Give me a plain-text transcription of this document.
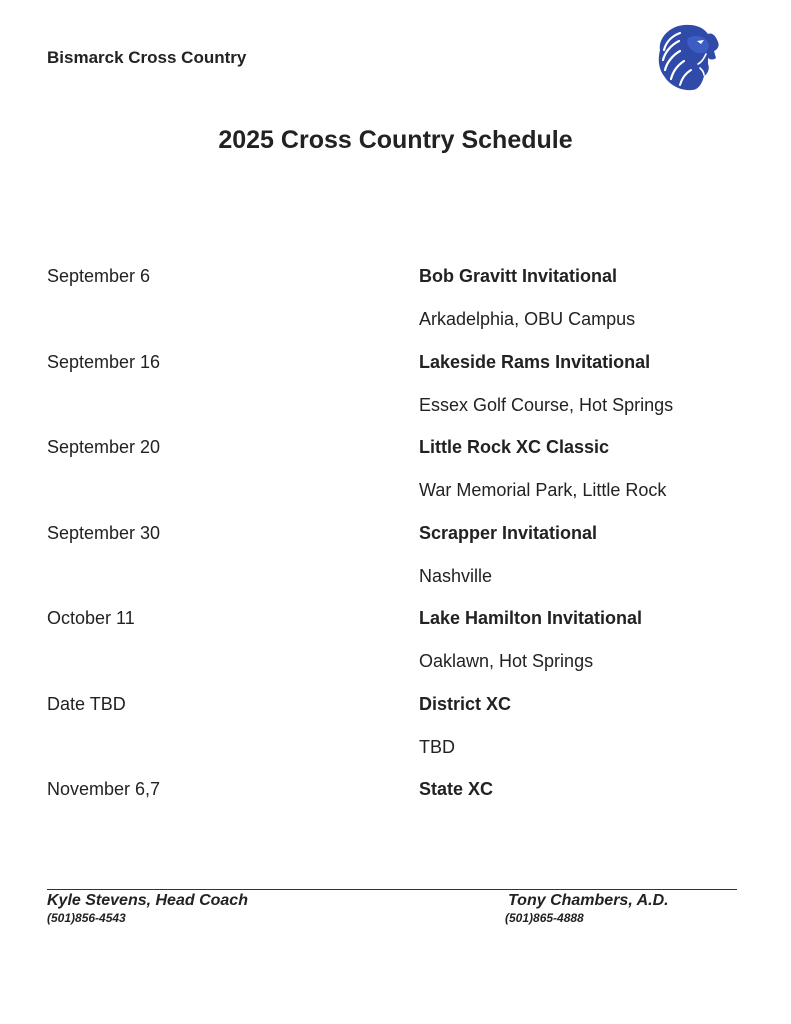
Bismarck Cross Country
2025 Cross Country Schedule
September 6	Bob Gravitt Invitational
Arkadelphia, OBU Campus
September 16	Lakeside Rams Invitational
Essex Golf Course, Hot Springs
September 20	Little Rock XC Classic
War Memorial Park, Little Rock
September 30	Scrapper Invitational
Nashville
October 11	Lake Hamilton Invitational
Oaklawn, Hot Springs
Date TBD	District XC
TBD
November 6,7	State XC
Kyle Stevens, Head Coach
(501)856-4543
Tony Chambers, A.D.
(501)865-4888
